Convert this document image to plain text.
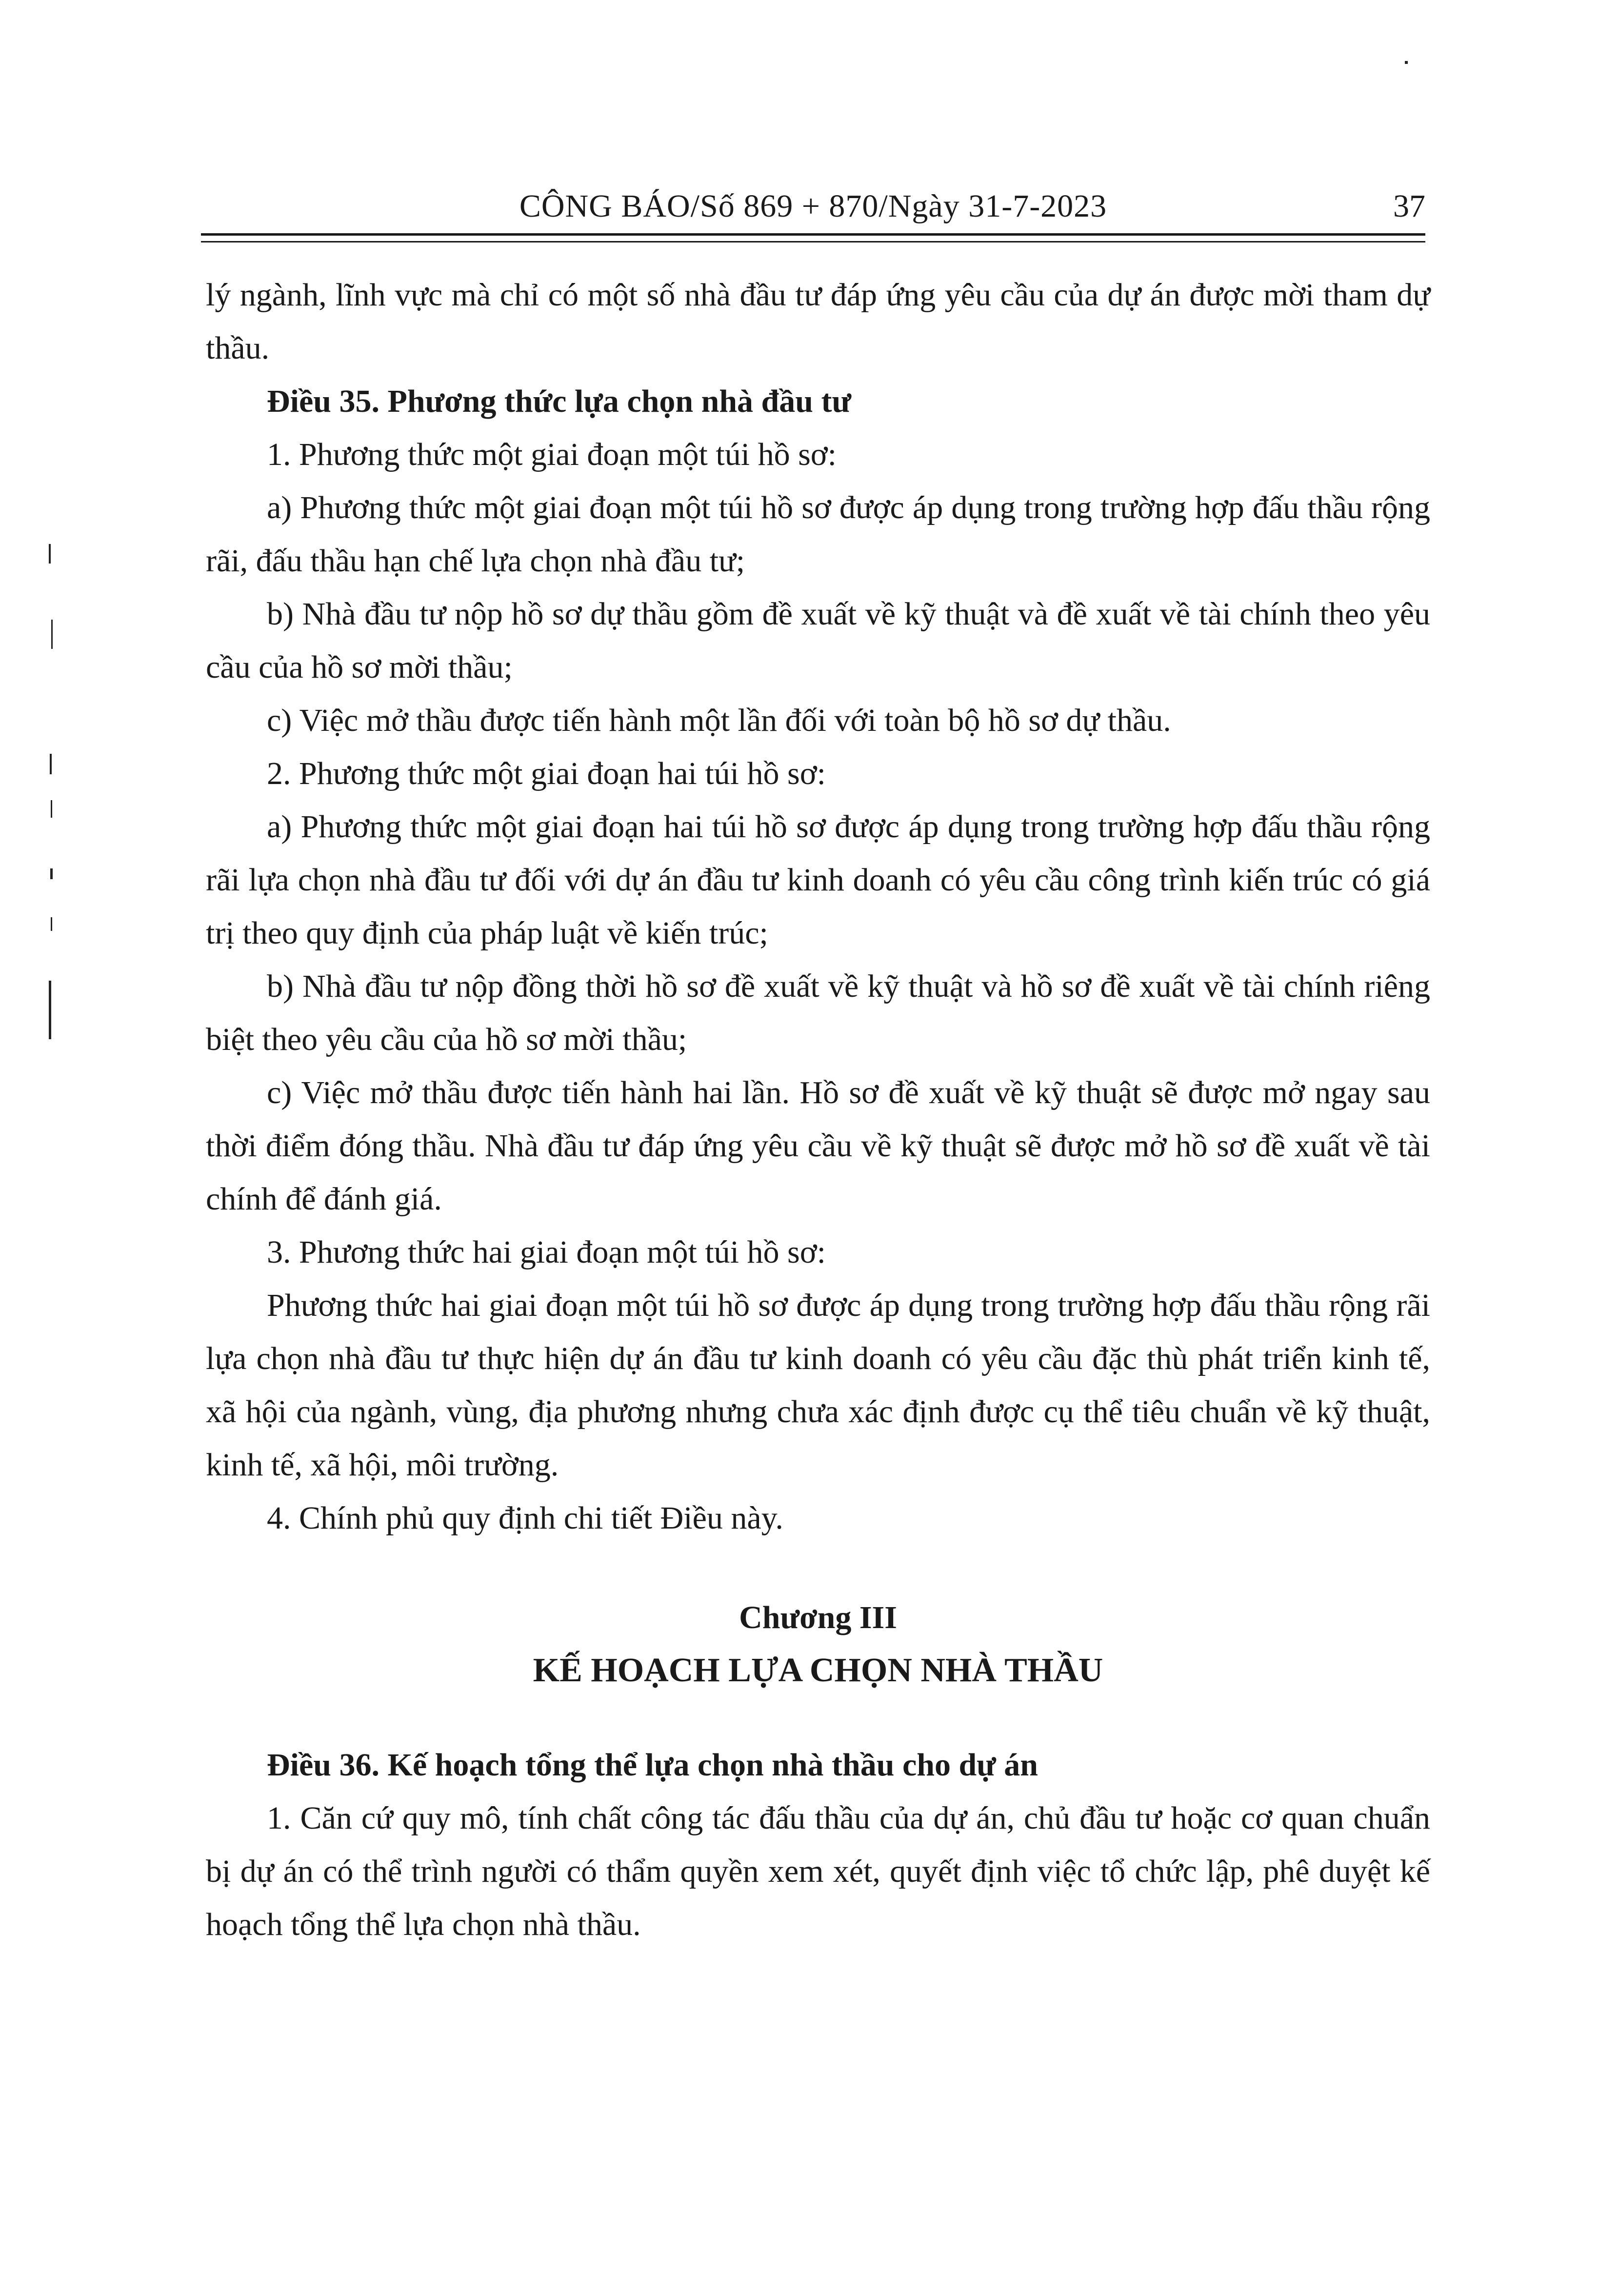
CÔNG BÁO/Số 869 + 870/Ngày 31-7-2023	37

lý ngành, lĩnh vực mà chỉ có một số nhà đầu tư đáp ứng yêu cầu của dự án được mời tham dự thầu.

Điều 35. Phương thức lựa chọn nhà đầu tư

1. Phương thức một giai đoạn một túi hồ sơ:

a) Phương thức một giai đoạn một túi hồ sơ được áp dụng trong trường hợp đấu thầu rộng rãi, đấu thầu hạn chế lựa chọn nhà đầu tư;

b) Nhà đầu tư nộp hồ sơ dự thầu gồm đề xuất về kỹ thuật và đề xuất về tài chính theo yêu cầu của hồ sơ mời thầu;

c) Việc mở thầu được tiến hành một lần đối với toàn bộ hồ sơ dự thầu.

2. Phương thức một giai đoạn hai túi hồ sơ:

a) Phương thức một giai đoạn hai túi hồ sơ được áp dụng trong trường hợp đấu thầu rộng rãi lựa chọn nhà đầu tư đối với dự án đầu tư kinh doanh có yêu cầu công trình kiến trúc có giá trị theo quy định của pháp luật về kiến trúc;

b) Nhà đầu tư nộp đồng thời hồ sơ đề xuất về kỹ thuật và hồ sơ đề xuất về tài chính riêng biệt theo yêu cầu của hồ sơ mời thầu;

c) Việc mở thầu được tiến hành hai lần. Hồ sơ đề xuất về kỹ thuật sẽ được mở ngay sau thời điểm đóng thầu. Nhà đầu tư đáp ứng yêu cầu về kỹ thuật sẽ được mở hồ sơ đề xuất về tài chính để đánh giá.

3. Phương thức hai giai đoạn một túi hồ sơ:

Phương thức hai giai đoạn một túi hồ sơ được áp dụng trong trường hợp đấu thầu rộng rãi lựa chọn nhà đầu tư thực hiện dự án đầu tư kinh doanh có yêu cầu đặc thù phát triển kinh tế, xã hội của ngành, vùng, địa phương nhưng chưa xác định được cụ thể tiêu chuẩn về kỹ thuật, kinh tế, xã hội, môi trường.

4. Chính phủ quy định chi tiết Điều này.

Chương III
KẾ HOẠCH LỰA CHỌN NHÀ THẦU

Điều 36. Kế hoạch tổng thể lựa chọn nhà thầu cho dự án

1. Căn cứ quy mô, tính chất công tác đấu thầu của dự án, chủ đầu tư hoặc cơ quan chuẩn bị dự án có thể trình người có thẩm quyền xem xét, quyết định việc tổ chức lập, phê duyệt kế hoạch tổng thể lựa chọn nhà thầu.
